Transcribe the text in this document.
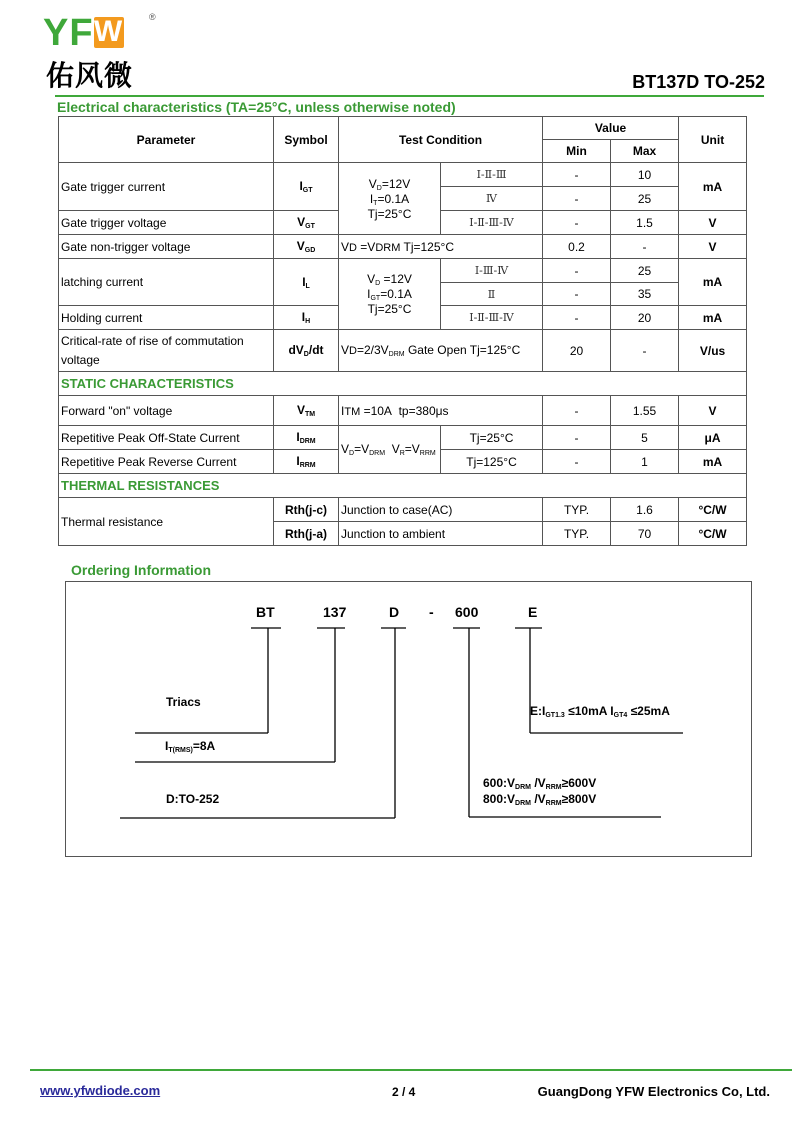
YFW	®
佑风微	BT137D TO-252
Electrical characteristics (TA=25°C, unless otherwise noted)
Parameter	Symbol	Test Condition		Value		Unit
				Min	Max	
Gate trigger current	$I_{GT}$	$V_D=12V$
$I_T=0.1A$
Tj=25°C	Ⅰ-Ⅱ-Ⅲ	-	10	mA
			Ⅳ	-	25	
Gate trigger voltage	$V_{GT}$		Ⅰ-Ⅱ-Ⅲ-Ⅳ	-	1.5	V
Gate non-trigger voltage	$V_{GD}$	VD =VDRM Tj=125°C		0.2	-	V
latching current	$I_L$	$V_D =12V$
$I_{GT}=0.1A$
Tj=25°C	Ⅰ-Ⅲ-Ⅳ	-	25	mA
			Ⅱ	-	35	
Holding current	$I_H$		Ⅰ-Ⅱ-Ⅲ-Ⅳ	-	20	mA
Critical-rate of rise of commutation voltage	$dV_D/dt$	$VD=2/3V_{DRM}$ Gate Open Tj=125°C		20	-	V/us
STATIC CHARACTERISTICS						
Forward "on" voltage	$V_{TM}$	ITM =10A  tp=380μs		-	1.55	V
Repetitive Peak Off-State Current	$I_{DRM}$	$V_D=V_{DRM}$  $V_R=V_{RRM}$	Tj=25°C	-	5	μA
Repetitive Peak Reverse Current	$I_{RRM}$		Tj=125°C	-	1	mA
THERMAL RESISTANCES						
Thermal resistance	Rth(j-c)	Junction to case(AC)		TYP.	1.6	°C/W
	Rth(j-a)	Junction to ambient		TYP.	70	°C/W
Ordering Information
BT	137	D - 600	E
Triacs
$I_{T(RMS)}=8A$
D:TO-252
$600:V_{DRM}$ $/V_{RRM}\ge 600V$
$800:V_{DRM}$ $/V_{RRM}\ge 800V$
$E:I_{GT1.3} \le 10mA$ $I_{GT4} \le 25mA$
www.yfwdiode.com	2 / 4	GuangDong YFW Electronics Co, Ltd.
